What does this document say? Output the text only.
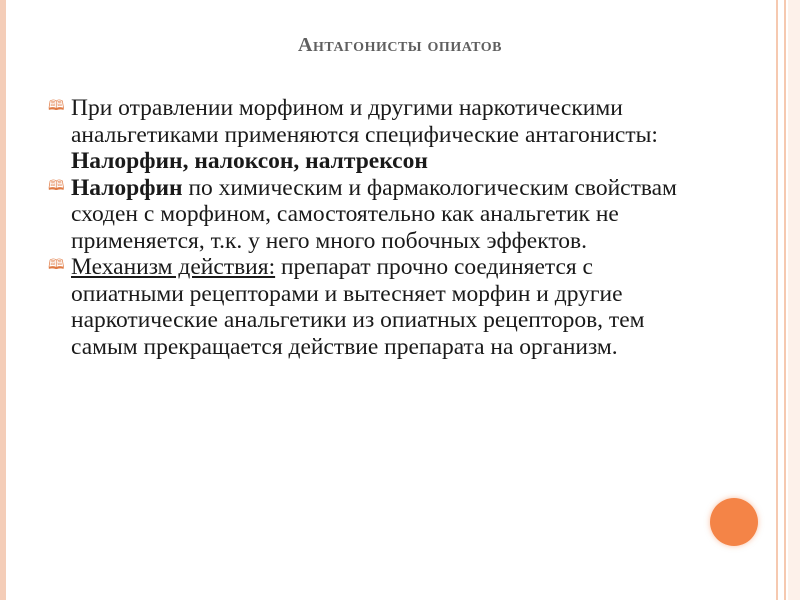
Антагонисты опиатов

🕮 При отравлении морфином и другими наркотическими анальгетиками применяются специфические антагонисты: Налорфин, налоксон, налтрексон

🕮 Налорфин по химическим и фармакологическим свойствам сходен с морфином, самостоятельно как анальгетик не применяется, т.к. у него много побочных эффектов.

🕮 Механизм действия: препарат прочно соединяется с опиатными рецепторами и вытесняет морфин и другие наркотические анальгетики из опиатных рецепторов, тем самым прекращается действие препарата на организм.
